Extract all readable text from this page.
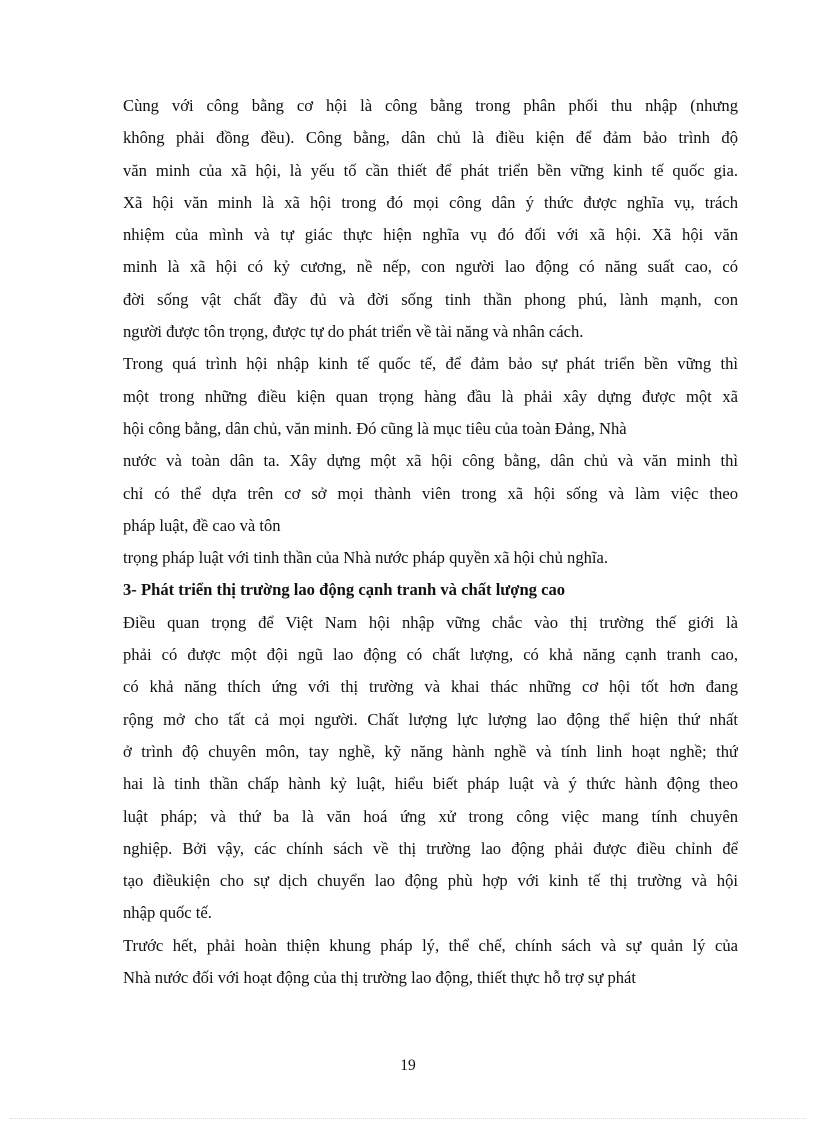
Cùng với công bằng cơ hội là công bằng trong phân phối thu nhập (nhưng
không phải đồng đều). Công bằng, dân chủ là điều kiện để đảm bảo trình độ
văn minh của xã hội, là yếu tố cần thiết để phát triển bền vững kinh tế quốc gia.
Xã hội văn minh là xã hội trong đó mọi công dân ý thức được nghĩa vụ, trách
nhiệm của mình và tự giác thực hiện nghĩa vụ đó đối với xã hội. Xã hội văn
minh là xã hội có kỷ cương, nề nếp, con người lao động có năng suất cao, có
đời sống vật chất đầy đủ và đời sống tinh thần phong phú, lành mạnh, con
người được tôn trọng, được tự do phát triển về tài năng và nhân cách.
Trong quá trình hội nhập kinh tế quốc tế, để đảm bảo sự phát triển bền vững thì
một trong những điều kiện quan trọng hàng đầu là phải xây dựng được một xã
hội công bằng, dân chủ, văn minh. Đó cũng là mục tiêu của toàn Đảng, Nhà
nước và toàn dân ta. Xây dựng một xã hội công bằng, dân chủ và văn minh thì
chỉ có thể dựa trên cơ sở mọi thành viên trong xã hội sống và làm việc theo
pháp luật, đề cao và tôn
trọng pháp luật với tinh thần của Nhà nước pháp quyền xã hội chủ nghĩa.
3- Phát triển thị trường lao động cạnh tranh và chất lượng cao
Điều quan trọng để Việt Nam hội nhập vững chắc vào thị trường thế giới là
phải có được một đội ngũ lao động có chất lượng, có khả năng cạnh tranh cao,
có khả năng thích ứng với thị trường và khai thác những cơ hội tốt hơn đang
rộng mở cho tất cả mọi người. Chất lượng lực lượng lao động thể hiện thứ nhất
ở trình độ chuyên môn, tay nghề, kỹ năng hành nghề và tính linh hoạt nghề; thứ
hai là tinh thần chấp hành kỷ luật, hiểu biết pháp luật và ý thức hành động theo
luật pháp; và thứ ba là văn hoá ứng xử trong công việc mang tính chuyên
nghiệp. Bởi vậy, các chính sách về thị trường lao động phải được điều chỉnh để
tạo điềukiện cho sự dịch chuyển lao động phù hợp với kinh tế thị trường và hội
nhập quốc tế.
Trước hết, phải hoàn thiện khung pháp lý, thể chế, chính sách và sự quản lý của
Nhà nước đối với hoạt động của thị trường lao động, thiết thực hỗ trợ sự phát
19
